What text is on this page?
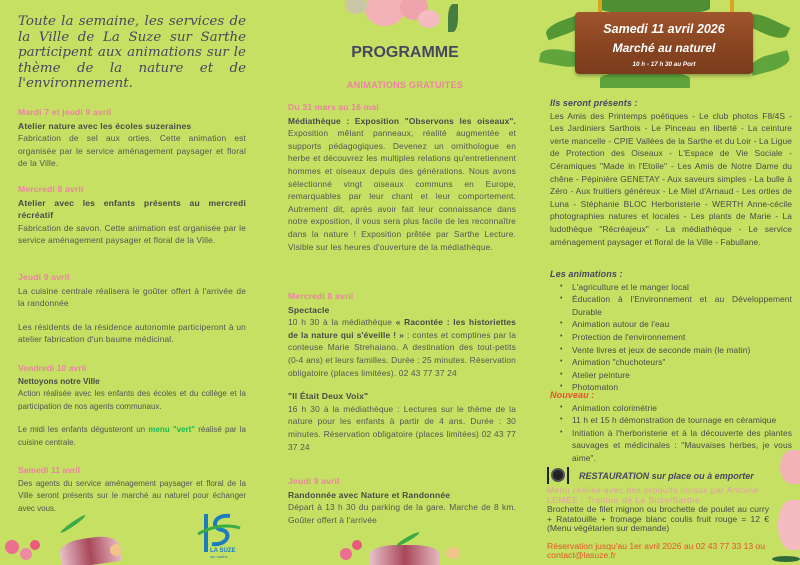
Toute la semaine, les services de la Ville de La Suze sur Sarthe participent aux animations sur le thème de la nature et de l'environnement.

Mardi 7 et jeudi 9 avril
Atelier nature avec les écoles suzeraines
Fabrication de sel aux orties. Cette animation est organisée par le service aménagement paysager et floral de la Ville.
Mercredi 8 avril
Atelier avec les enfants présents au mercredi récréatif
Fabrication de savon. Cette animation est organisée par le service aménagement paysager et floral de la Ville.
Jeudi 9 avril
La cuisine centrale réalisera le goûter offert à l'arrivée de la randonnée
Les résidents de la résidence autonomie participeront à un atelier fabrication d'un baume médicinal.
Vendredi 10 avril
Nettoyons notre Ville
Action réalisée avec les enfants des écoles et du collège et la participation de nos agents communaux.
Le midi les enfants dégusteront un menu "vert" réalisé par la cuisine centrale.
Samedi 11 avril
Des agents du service aménagement paysager et floral de la Ville seront présents sur le marché au naturel pour échanger avec vous.
LA SUZE
sur sarthe
PROGRAMME
ANIMATIONS GRATUITES
Du 31 mars au 16 mai
Médiathèque : Exposition "Observons les oiseaux". Exposition mêlant panneaux, réalité augmentée et supports pédagogiques. Devenez un ornithologue en herbe et découvrez les multiples relations qu'entretiennent hommes et oiseaux depuis des générations. Nous avons sélectionné vingt oiseaux communs en Europe, remarquables par leur chant et leur comportement. Autrement dit, après avoir fait leur connaissance dans notre exposition, il vous sera plus facile de les reconnaître dans la nature ! Exposition prêtée par Sarthe Lecture. Visible sur les heures d'ouverture de la médiathèque.
Mercredi 8 avril
Spectacle
10 h 30 à la médiathèque « Racontée : les historiettes de la nature qui s'éveille ! » : contes et comptines par la conteuse Marie Strehaiano. A destination des tout-petits (0-4 ans) et leurs familles. Durée : 25 minutes. Réservation obligatoire (places limitées). 02 43 77 37 24
"Il Était Deux Voix"
16 h 30 à la médiathèque : Lectures sur le thème de la nature pour les enfants à partir de 4 ans. Durée : 30 minutes. Réservation obligatoire (places limitées) 02 43 77 37 24
Jeudi 9 avril
Randonnée avec Nature et Randonnée
Départ à 13 h 30 du parking de la gare. Marche de 8 km. Goûter offert à l'arrivée
Samedi 11 avril 2026
Marché au naturel
10 h - 17 h 30 au Port
Ils seront présents :
Les Amis des Printemps poétiques - Le club photos F8/4S - Les Jardiniers Sarthois - Le Pinceau en liberté - La ceinture verte mancelle - CPIE Vallées de la Sarthe et du Loir - La Ligue de Protection des Oiseaux - L'Espace de Vie Sociale - Céramiques "Made in l'Etoile" - Les Amis de Notre Dame du chêne - Pépinière GENETAY - Aux saveurs simples - La bulle à Zéro - Aux fruitiers généreux - Le Miel d'Arnaud - Les orties de Luna - Stéphanie BLOC Herboristerie - WERTH Anne-cécile photographies natures et locales - Les plants de Marie - La ludothèque "Récréajeux" - La médiathèque - Le service aménagement paysager et floral de la Ville - Fabullane.
Les animations :
• L'agriculture et le manger local
• Éducation à l'Environnement et au Développement Durable
• Animation autour de l'eau
• Protection de l'environnement
• Vente livres et jeux de seconde main (le matin)
• Animation "chuchoteurs"
• Atelier peinture
• Photomaton
Nouveau :
• Animation colorimétrie
• 11 h et 15 h démonstration de tournage en céramique
• Initiation à l'herboristerie et à la découverte des plantes sauvages et médicinales : "Mauvaises herbes, je vous aime".
RESTAURATION sur place ou à emporter
Menu réalisé avec des produits locaux par Antoine LEMÉE - Traiteur de La Suze/Sarthe
Brochette de filet mignon ou brochette de poulet au curry + Ratatouille + fromage blanc coulis fruit rouge = 12 € (Menu végétarien sur demande)
Réservation jusqu'au 1er avril 2026 au 02 43 77 33 13 ou contact@lasuze.fr
